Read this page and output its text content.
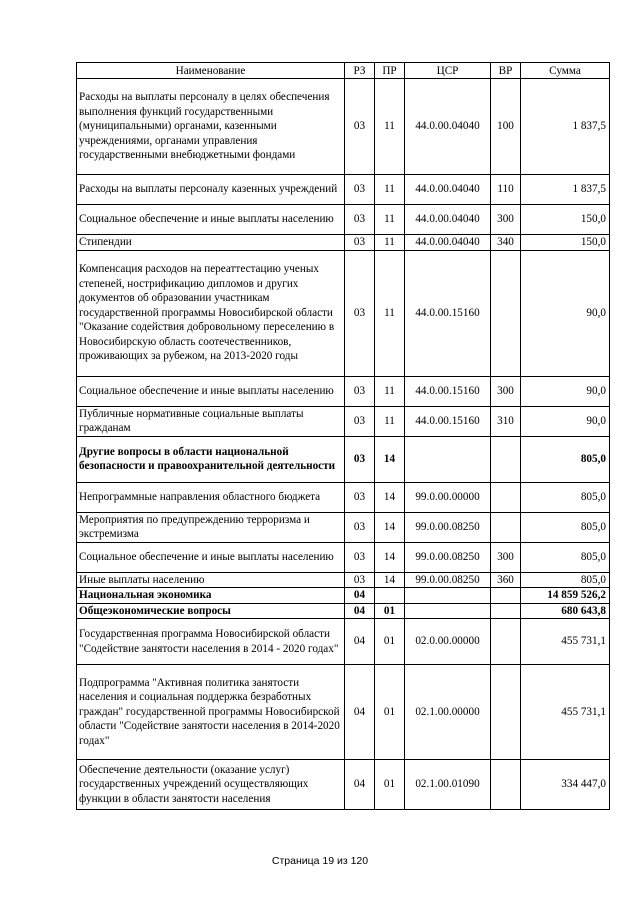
Наименование	РЗ	ПР	ЦСР	ВР	Сумма
Расходы на выплаты персоналу в целях обеспечения выполнения функций государственными (муниципальными) органами, казенными учреждениями, органами управления государственными внебюджетными фондами	03	11	44.0.00.04040	100	1 837,5
Расходы на выплаты персоналу казенных учреждений	03	11	44.0.00.04040	110	1 837,5
Социальное обеспечение и иные выплаты населению	03	11	44.0.00.04040	300	150,0
Стипендии	03	11	44.0.00.04040	340	150,0
Компенсация расходов на переаттестацию ученых степеней, нострификацию дипломов и других документов об образовании участникам государственной программы Новосибирской области "Оказание содействия добровольному переселению в Новосибирскую область соотечественников, проживающих за рубежом, на 2013-2020 годы	03	11	44.0.00.15160		90,0
Социальное обеспечение и иные выплаты населению	03	11	44.0.00.15160	300	90,0
Публичные нормативные социальные выплаты гражданам	03	11	44.0.00.15160	310	90,0
Другие вопросы в области национальной безопасности и правоохранительной деятельности	03	14			805,0
Непрограммные направления областного бюджета	03	14	99.0.00.00000		805,0
Мероприятия по предупреждению терроризма и экстремизма	03	14	99.0.00.08250		805,0
Социальное обеспечение и иные выплаты населению	03	14	99.0.00.08250	300	805,0
Иные выплаты населению	03	14	99.0.00.08250	360	805,0
Национальная экономика	04				14 859 526,2
Общеэкономические вопросы	04	01			680 643,8
Государственная программа Новосибирской области "Содействие занятости населения в 2014 - 2020 годах"	04	01	02.0.00.00000		455 731,1
Подпрограмма "Активная политика занятости населения и социальная поддержка безработных граждан" государственной программы Новосибирской области "Содействие занятости населения в 2014-2020 годах"	04	01	02.1.00.00000		455 731,1
Обеспечение деятельности (оказание услуг) государственных учреждений осуществляющих функции в области занятости населения	04	01	02.1.00.01090		334 447,0
Страница 19 из 120
